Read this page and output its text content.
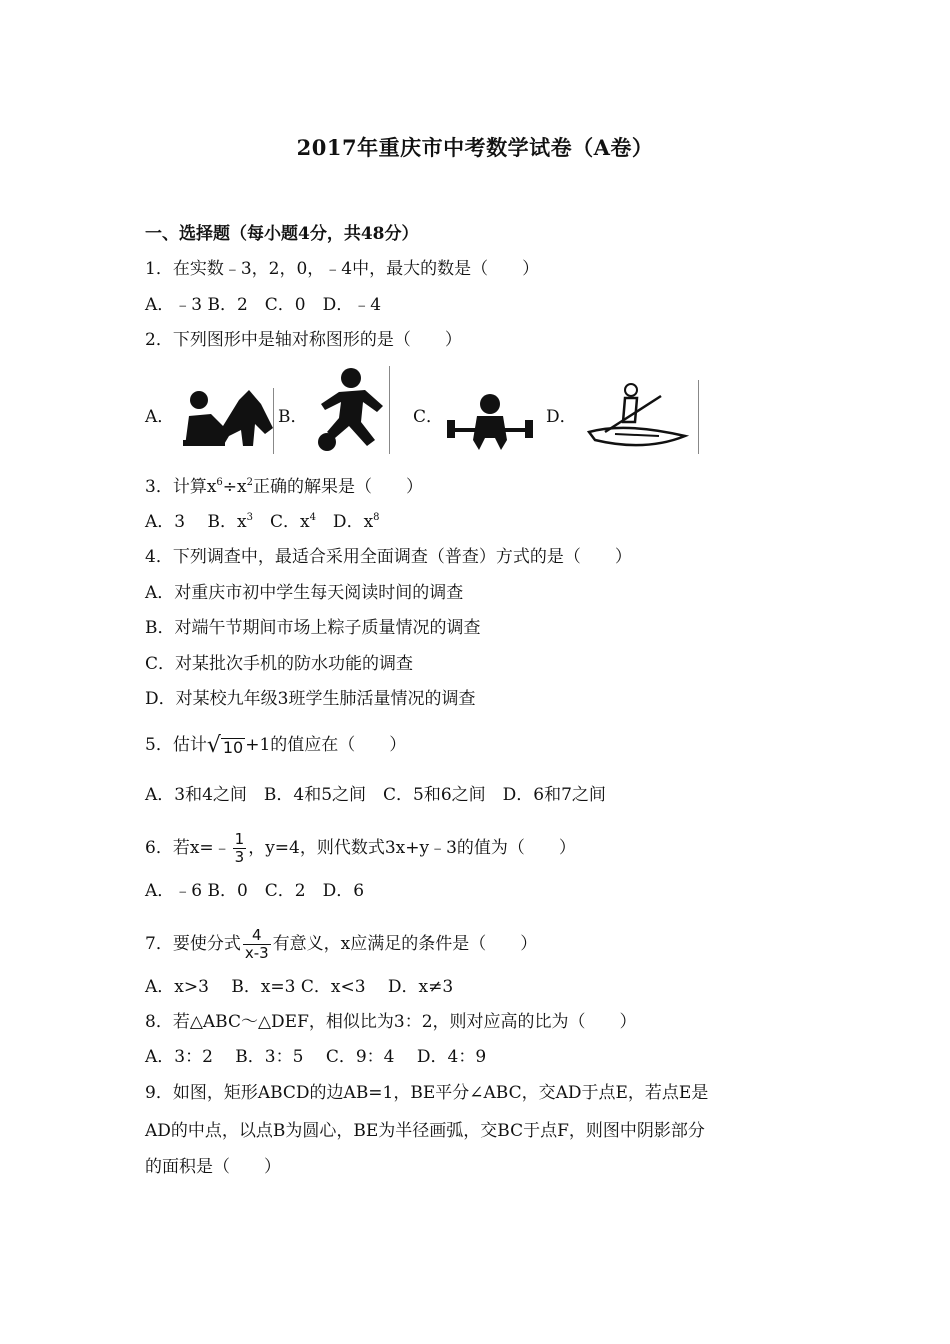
2017年重庆市中考数学试卷（A卷）
一、选择题（每小题4分，共48分）
1．在实数﹣3，2，0，﹣4中，最大的数是（　　）
A．﹣3 B．2　C．0　D．﹣4
2．下列图形中是轴对称图形的是（　　）
A．	B．	C．	D．
3．计算$x^6\div x^2$正确的解果是（　　）
A．3　 B．$x^3$　C．$x^4$　D．$x^8$
4．下列调查中，最适合采用全面调查（普查）方式的是（　　）
A．对重庆市初中学生每天阅读时间的调查
B．对端午节期间市场上粽子质量情况的调查
C．对某批次手机的防水功能的调查
D．对某校九年级3班学生肺活量情况的调查
5．估计 √ 10 +1的值应在（　　）
A．3和4之间　B．4和5之间　C．5和6之间　D．6和7之间
6．若x=﹣ $\frac{1}{3}$ ，y=4，则代数式3x+y﹣3的值为（　　）
A．﹣6 B．0　C．2　D．6
7．要使分式 $\frac{4}{x-3}$ 有意义，x应满足的条件是（　　）
A．x>3　 B．x=3 C．x<3　 D．x≠3
8．若△ABC～△DEF，相似比为3：2，则对应高的比为（　　）
A．3：2　 B．3：5　 C．9：4　 D．4：9
9．如图，矩形ABCD的边AB=1，BE平分∠ABC，交AD于点E，若点E是
AD的中点，以点B为圆心，BE为半径画弧，交BC于点F，则图中阴影部分
的面积是（　　）
